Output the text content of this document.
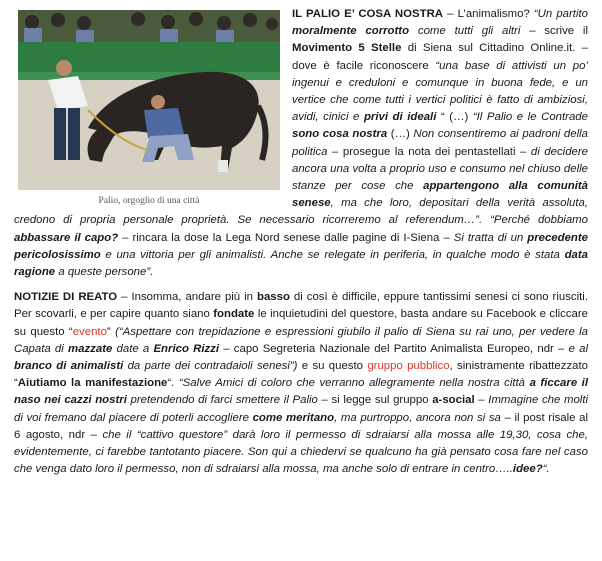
Palio, orgoglio di una città

IL PALIO E’ COSA NOSTRA – L’animalismo? “Un partito moralmente corrotto come tutti gli altri – scrive il Movimento 5 Stelle di Siena sul Cittadino Online.it. – dove è facile riconoscere “una base di attivisti un po’ ingenui e creduloni e comunque in buona fede, e un vertice che come tutti i vertici politici è fatto di ambiziosi, avidi, cinici e privi di ideali “ (…) “Il Palio e le Contrade sono cosa nostra (…) Non consentiremo ai padroni della politica – prosegue la nota dei pentastellati – di decidere ancora una volta a proprio uso e consumo nel chiuso delle stanze per cose che appartengono alla comunità senese, ma che loro, depositari della verità assoluta, credono di propria personale proprietà. Se necessario ricorreremo al referendum…”. “Perché dobbiamo abbassare il capo? – rincara la dose la Lega Nord senese dalle pagine di I-Siena – Si tratta di un precedente pericolosissimo e una vittoria per gli animalisti. Anche se relegate in periferia, in qualche modo è stata data ragione a queste persone”.

NOTIZIE DI REATO – Insomma, andare più in basso di così è difficile, eppure tantissimi senesi ci sono riusciti. Per scovarli, e per capire quanto siano fondate le inquietudini del questore, basta andare su Facebook e cliccare su questo “evento” (“Aspettare con trepidazione e espressioni giubilo il palio di Siena su rai uno, per vedere la Capata di mazzate date a Enrico Rizzi – capo Segreteria Nazionale del Partito Animalista Europeo, ndr – e al branco di animalisti da parte dei contradaioli senesi”) e su questo gruppo pubblico, sinistramente ribattezzato “Aiutiamo la manifestazione“. “Salve Amici di coloro che verranno allegramente nella nostra città a ficcare il naso nei cazzi nostri pretendendo di farci smettere il Palio – si legge sul gruppo a-social – Immagine che molti di voi fremano dal piacere di poterli accogliere come meritano, ma purtroppo, ancora non si sa – il post risale al 6 agosto, ndr – che il “cattivo questore” darà loro il permesso di sdraiarsi alla mossa alle 19,30, cosa che, evidentemente, ci farebbe tantotanto piacere. Son qui a chiedervi se qualcuno ha già pensato cosa fare nel caso che venga dato loro il permesso, non di sdraiarsi alla mossa, ma anche solo di entrare in centro…..idee?“.
